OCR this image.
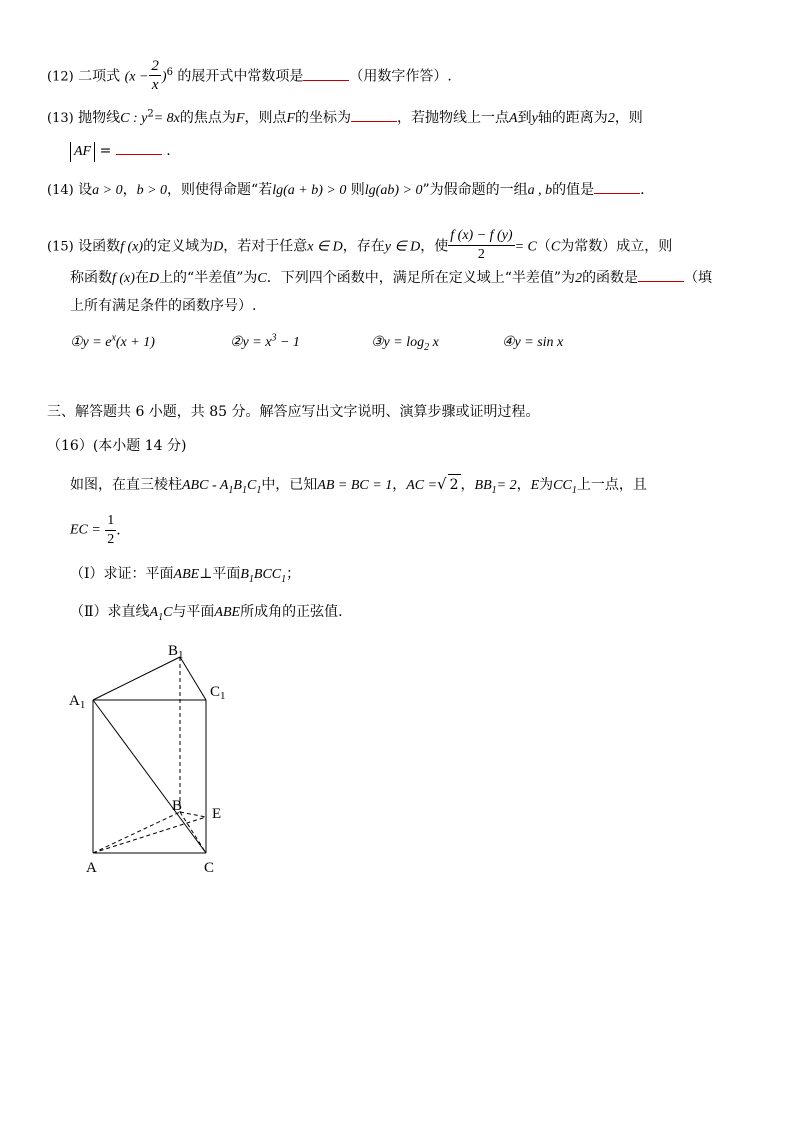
(12) 二项式 $(x - \frac{2}{x} )^6$ 的展开式中常数项是	（用数字作答）.
(13) 抛物线C : $y^2= 8x$的焦点为F，则点F的坐标为	，若抛物线上一点A到y轴的距离为2，则
AF =	.
(14) 设a > 0，b > 0，则使得命题“若lg(a + b) > 0 则lg(ab) > 0”为假命题的一组a , b的值是	.
(15) 设函数f (x)的定义域为D，若对于任意x ∈ D，存在y ∈ D，使 $\frac{f (x) - f (y)}{2} = C(C$为常数）成立，则
称函数f (x)在D上的“半差值”为C．下列四个函数中，满足所在定义域上“半差值”为2的函数是	（填
上所有满足条件的函数序号）.
①y = $e^x(x + 1)$	②y = $x^3 - 1$	③y = $\log_2 x$	④y = sin x
三、解答题共 6 小题，共 85 分。解答应写出文字说明、演算步骤或证明过程。
（16）(本小题 14 分)
如图，在直三棱柱ABC - $A_1B_1C_1$中，已知AB = BC = 1，AC =√ 2 ，$BB_1= 2$，E为$CC_1$上一点，且
EC = $\frac{1}{2}$ .
（Ⅰ）求证：平面ABE⊥平面$B_1BCC_1$；
（Ⅱ）求直线$A_1C$与平面ABE所成角的正弦值.
$B_1$
$C_1$
$A_1$
B E
A	C
